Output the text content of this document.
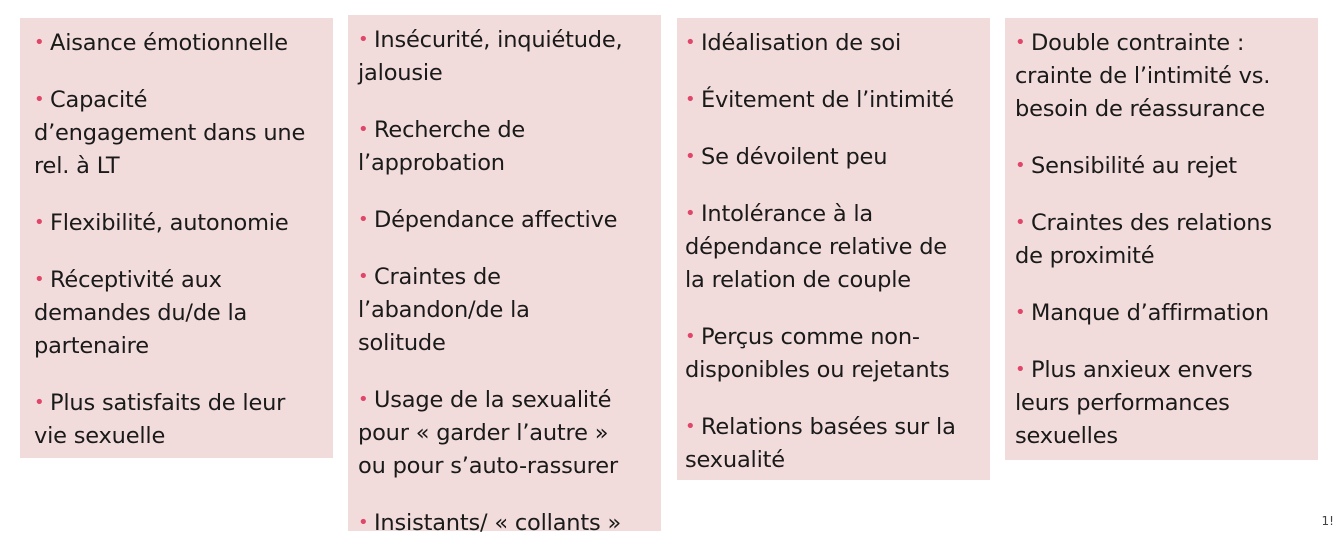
• Aisance émotionnelle
• Capacité
d’engagement dans une
rel. à LT
• Flexibilité, autonomie
• Réceptivité aux
demandes du/de la
partenaire
• Plus satisfaits de leur
vie sexuelle
• Insécurité, inquiétude,
jalousie
• Recherche de
l’approbation
• Dépendance affective
• Craintes de
l’abandon/de la
solitude
• Usage de la sexualité
pour « garder l’autre »
ou pour s’auto-rassurer
• Insistants/ « collants »
• Idéalisation de soi
• Évitement de l’intimité
• Se dévoilent peu
• Intolérance à la
dépendance relative de
la relation de couple
• Perçus comme non-
disponibles ou rejetants
• Relations basées sur la
sexualité
• Double contrainte :
crainte de l’intimité vs.
besoin de réassurance
• Sensibilité au rejet
• Craintes des relations
de proximité
• Manque d’affirmation
• Plus anxieux envers
leurs performances
sexuelles
1!
